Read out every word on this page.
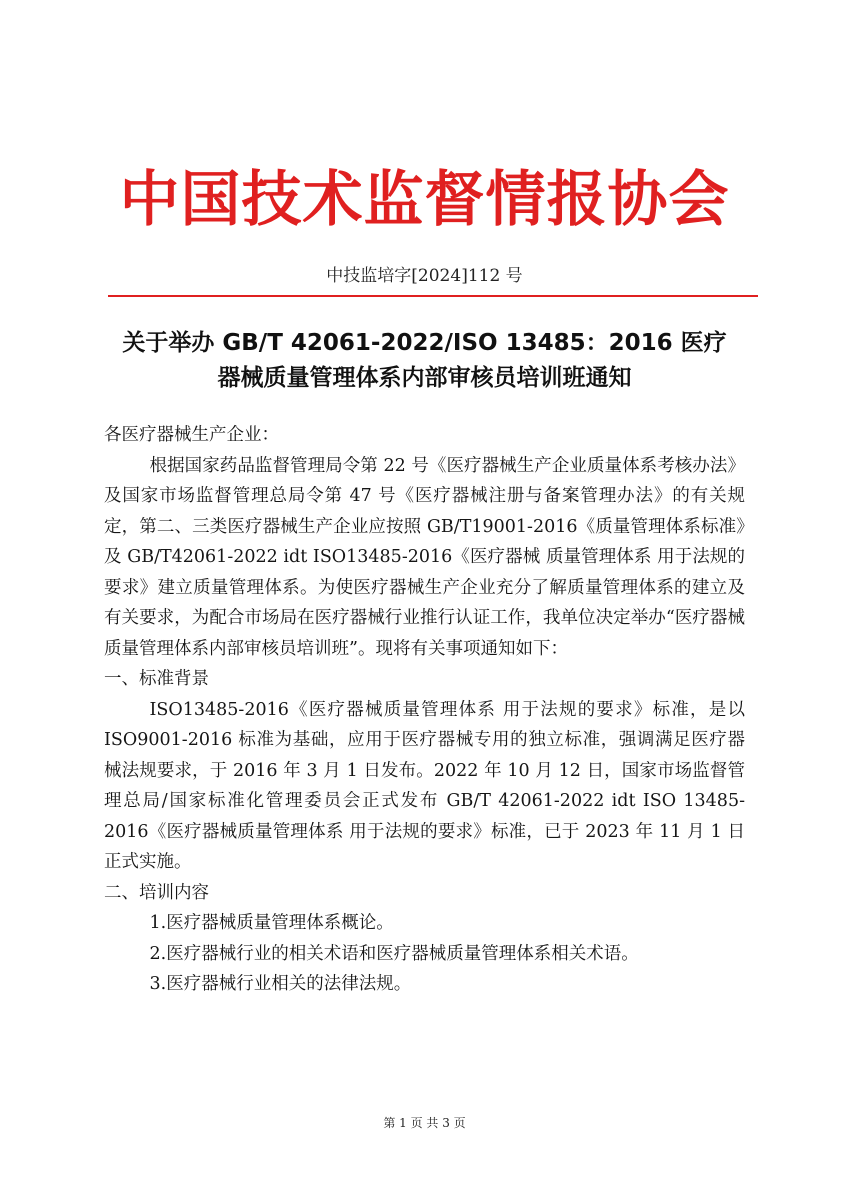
中国技术监督情报协会
中技监培字[2024]112 号
关于举办 GB/T 42061-2022/ISO 13485：2016 医疗
器械质量管理体系内部审核员培训班通知

各医疗器械生产企业：

根据国家药品监督管理局令第 22 号《医疗器械生产企业质量体系考核办法》及国家市场监督管理总局令第 47 号《医疗器械注册与备案管理办法》的有关规定，第二、三类医疗器械生产企业应按照 GB/T19001-2016《质量管理体系标准》及 GB/T42061-2022 idt ISO13485-2016《医疗器械 质量管理体系 用于法规的要求》建立质量管理体系。为使医疗器械生产企业充分了解质量管理体系的建立及有关要求，为配合市场局在医疗器械行业推行认证工作，我单位决定举办“医疗器械质量管理体系内部审核员培训班”。现将有关事项通知如下：

一、标准背景

ISO13485-2016《医疗器械质量管理体系 用于法规的要求》标准，是以 ISO9001-2016 标准为基础，应用于医疗器械专用的独立标准，强调满足医疗器械法规要求，于 2016 年 3 月 1 日发布。2022 年 10 月 12 日，国家市场监督管理总局/国家标准化管理委员会正式发布 GB/T 42061-2022 idt ISO 13485-2016《医疗器械质量管理体系 用于法规的要求》标准，已于 2023 年 11 月 1 日正式实施。

二、培训内容

1.医疗器械质量管理体系概论。

2.医疗器械行业的相关术语和医疗器械质量管理体系相关术语。

3.医疗器械行业相关的法律法规。

第 1 页 共 3 页
